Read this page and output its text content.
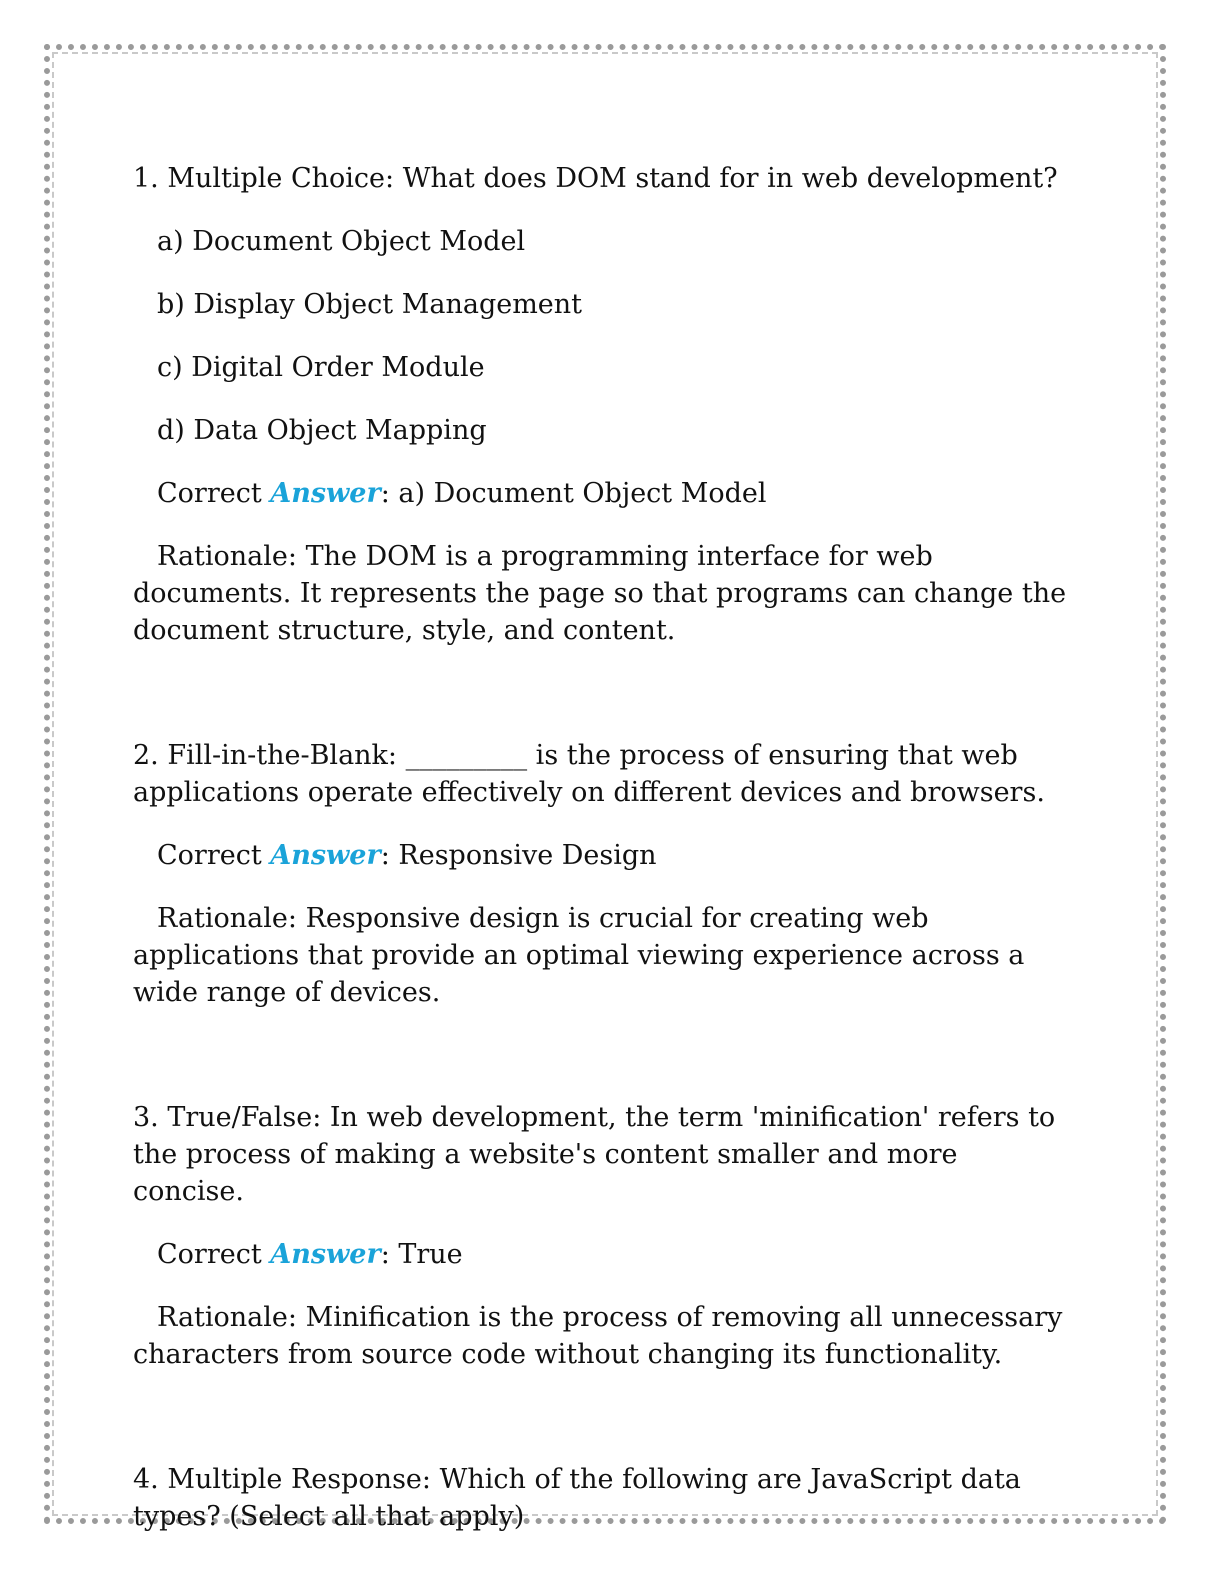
1. Multiple Choice: What does DOM stand for in web development?

a) Document Object Model

b) Display Object Management

c) Digital Order Module

d) Data Object Mapping

Correct Answer: a) Document Object Model

Rationale: The DOM is a programming interface for web documents. It represents the page so that programs can change the document structure, style, and content.

2. Fill-in-the-Blank: _________ is the process of ensuring that web applications operate effectively on different devices and browsers.

Correct Answer: Responsive Design

Rationale: Responsive design is crucial for creating web applications that provide an optimal viewing experience across a wide range of devices.

3. True/False: In web development, the term 'minification' refers to the process of making a website's content smaller and more concise.

Correct Answer: True

Rationale: Minification is the process of removing all unnecessary characters from source code without changing its functionality.

4. Multiple Response: Which of the following are JavaScript data types? (Select all that apply)
